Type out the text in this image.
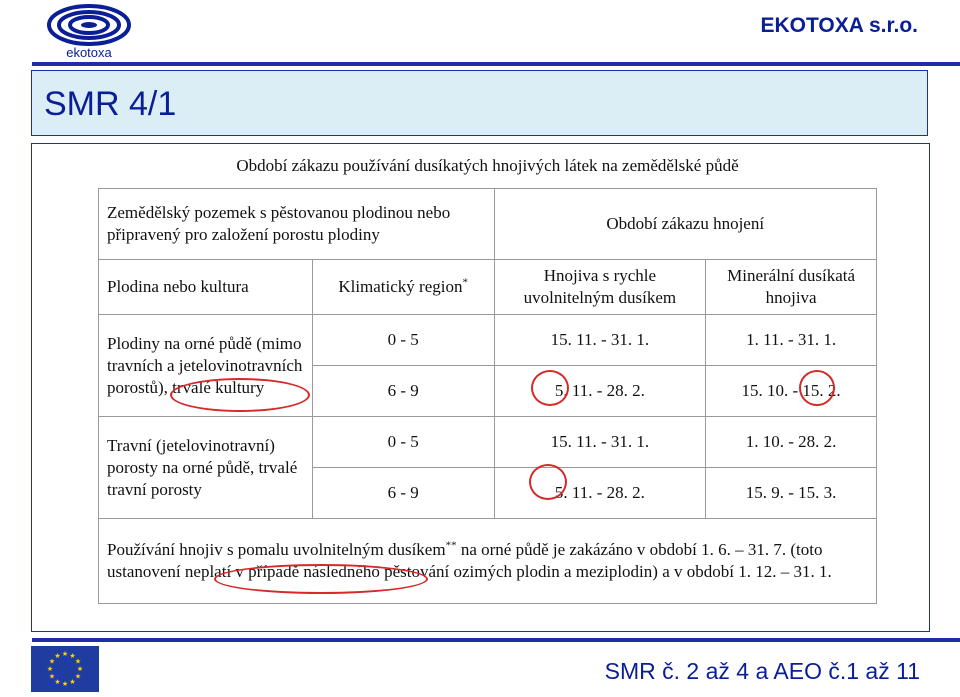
ekotoxa
EKOTOXA s.r.o.
SMR 4/1
Období zákazu používání dusíkatých hnojivých látek na zemědělské půdě
Zemědělský pozemek s pěstovanou plodinou nebo připravený pro založení porostu plodiny		Období zákazu hnojení	
Plodina nebo kultura	Klimatický region*	Hnojiva s rychle uvolnitelným dusíkem	Minerální dusíkatá hnojiva
Plodiny na orné půdě (mimo travních a jetelovinotravních porostů), trvalé kultury	0 - 5	15. 11. - 31. 1.	1. 11. - 31. 1.
	6 - 9	5. 11. - 28. 2.	15. 10. - 15. 2.
Travní (jetelovinotravní) porosty na orné půdě, trvalé travní porosty	0 - 5	15. 11. - 31. 1.	1. 10. - 28. 2.
	6 - 9	5. 11. - 28. 2.	15. 9. - 15. 3.
Používání hnojiv s pomalu uvolnitelným dusíkem** na orné půdě je zakázáno v období 1. 6. – 31. 7. (toto ustanovení neplatí v případě následného pěstování ozimých plodin a meziplodin) a v období 1. 12. – 31. 1.			
★ ★
★
★
★
★
★
★
★
★
★
★
SMR č. 2 až 4 a AEO č.1 až 11
